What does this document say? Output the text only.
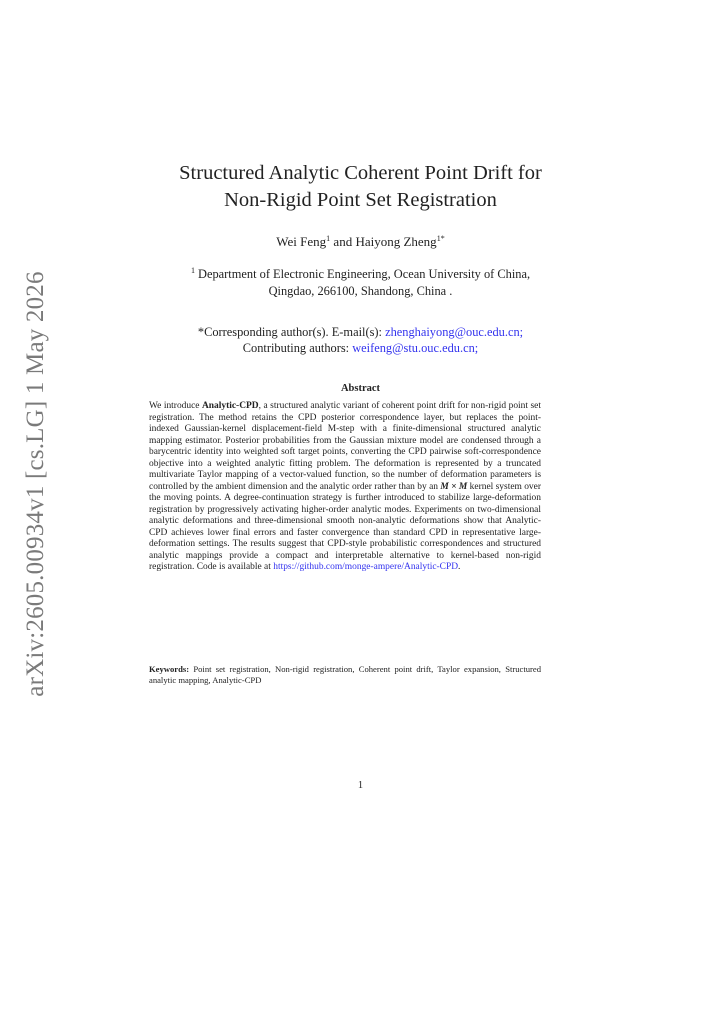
arXiv:2605.00934v1 [cs.LG] 1 May 2026
Structured Analytic Coherent Point Drift for
Non-Rigid Point Set Registration
Wei Feng$^1$ and Haiyong Zheng$^{1*}$
$^1$ Department of Electronic Engineering, Ocean University of China,
Qingdao, 266100, Shandong, China .
*Corresponding author(s). E-mail(s): zhenghaiyong@ouc.edu.cn;
Contributing authors: weifeng@stu.ouc.edu.cn;
Abstract
We introduce Analytic-CPD, a structured analytic variant of coherent point drift for non-rigid point set registration. The method retains the CPD posterior correspondence layer, but replaces the point-indexed Gaussian-kernel displacement-field M-step with a finite-dimensional structured analytic mapping estimator. Posterior probabilities from the Gaussian mixture model are condensed through a barycentric identity into weighted soft target points, converting the CPD pairwise soft-correspondence objective into a weighted analytic fitting problem. The deformation is represented by a truncated multivariate Taylor mapping of a vector-valued function, so the number of deformation parameters is controlled by the ambient dimension and the analytic order rather than by an M × M kernel system over the moving points. A degree-continuation strategy is further introduced to stabilize large-deformation registration by progressively activating higher-order analytic modes. Experiments on two-dimensional analytic deformations and three-dimensional smooth non-analytic deformations show that Analytic-CPD achieves lower final errors and faster convergence than standard CPD in representative large-deformation settings. The results suggest that CPD-style probabilistic correspondences and structured analytic mappings provide a compact and interpretable alternative to kernel-based non-rigid registration. Code is available at https://github.com/monge-ampere/Analytic-CPD.
Keywords: Point set registration, Non-rigid registration, Coherent point drift, Taylor expansion, Structured analytic mapping, Analytic-CPD
1
